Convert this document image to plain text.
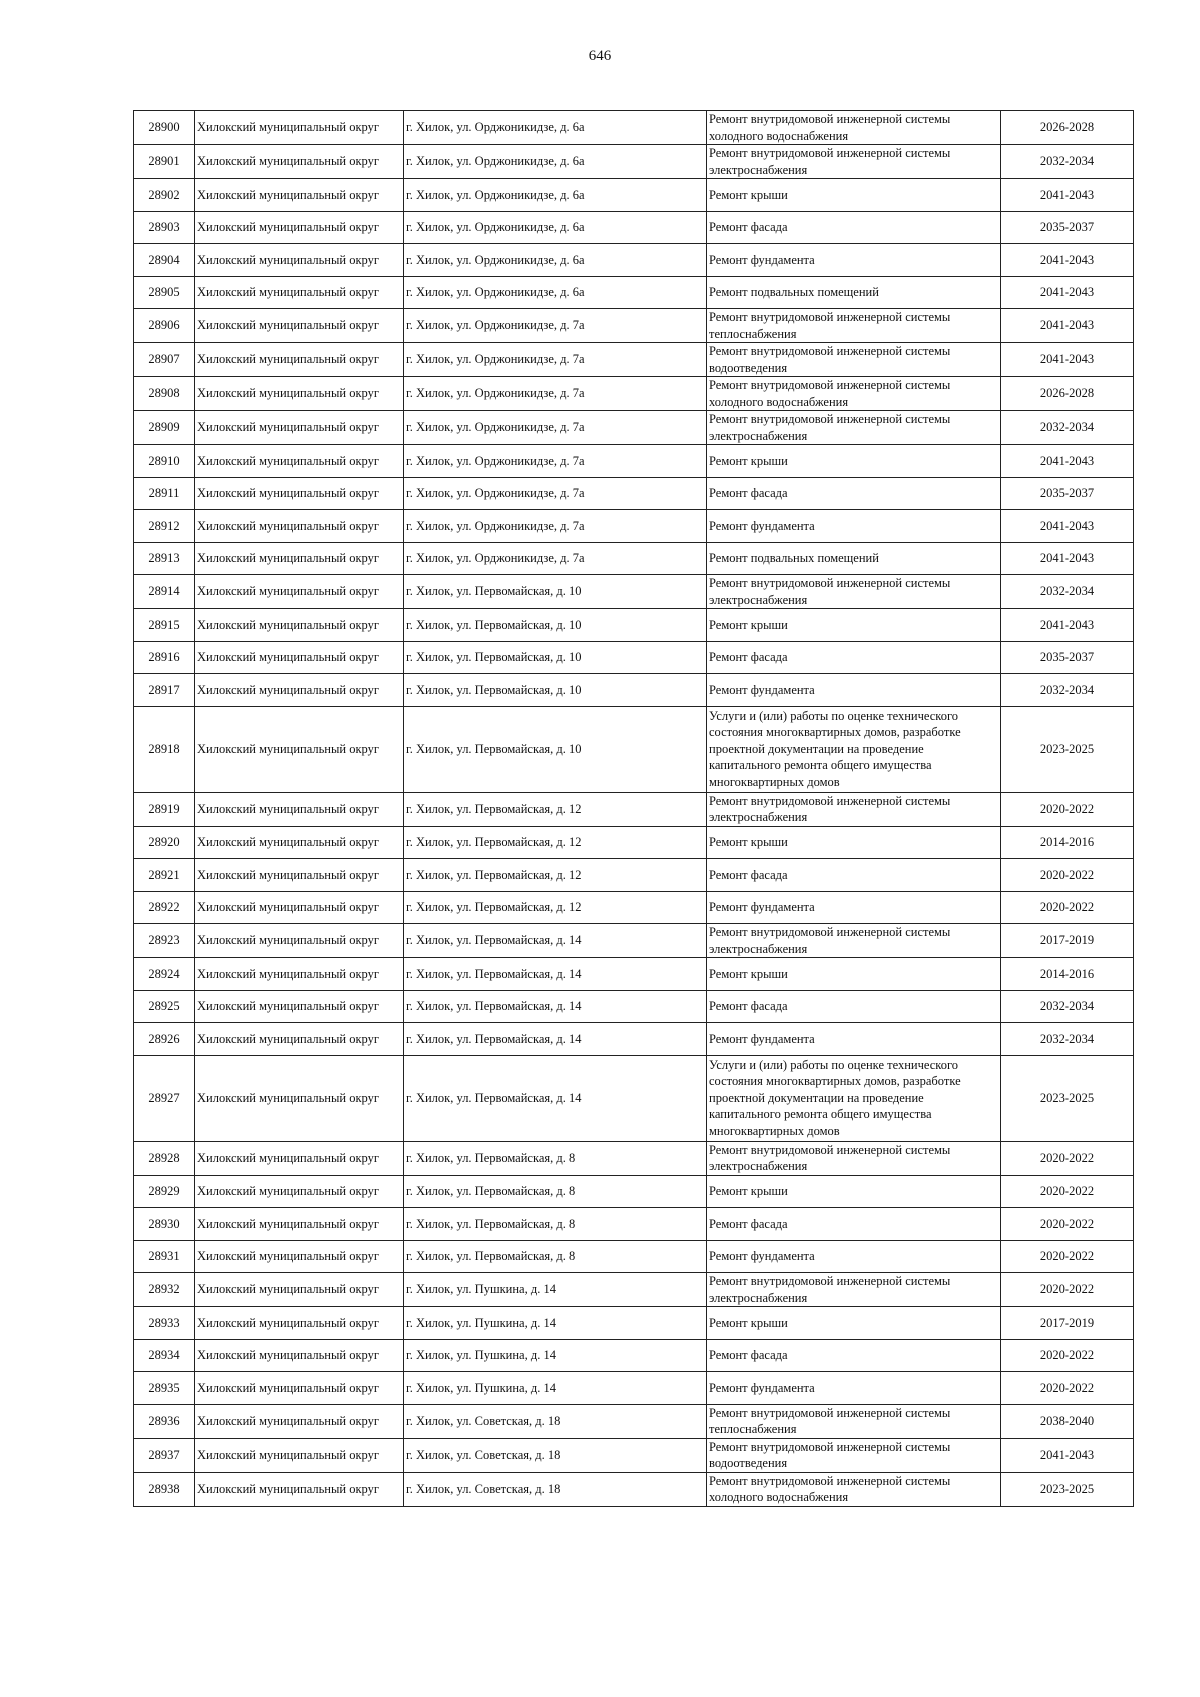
646
28900	Хилокский муниципальный округ	г. Хилок, ул. Орджоникидзе, д. 6а	Ремонт внутридомовой инженерной системы холодного водоснабжения	2026-2028
28901	Хилокский муниципальный округ	г. Хилок, ул. Орджоникидзе, д. 6а	Ремонт внутридомовой инженерной системы электроснабжения	2032-2034
28902	Хилокский муниципальный округ	г. Хилок, ул. Орджоникидзе, д. 6а	Ремонт крыши	2041-2043
28903	Хилокский муниципальный округ	г. Хилок, ул. Орджоникидзе, д. 6а	Ремонт фасада	2035-2037
28904	Хилокский муниципальный округ	г. Хилок, ул. Орджоникидзе, д. 6а	Ремонт фундамента	2041-2043
28905	Хилокский муниципальный округ	г. Хилок, ул. Орджоникидзе, д. 6а	Ремонт подвальных помещений	2041-2043
28906	Хилокский муниципальный округ	г. Хилок, ул. Орджоникидзе, д. 7а	Ремонт внутридомовой инженерной системы теплоснабжения	2041-2043
28907	Хилокский муниципальный округ	г. Хилок, ул. Орджоникидзе, д. 7а	Ремонт внутридомовой инженерной системы водоотведения	2041-2043
28908	Хилокский муниципальный округ	г. Хилок, ул. Орджоникидзе, д. 7а	Ремонт внутридомовой инженерной системы холодного водоснабжения	2026-2028
28909	Хилокский муниципальный округ	г. Хилок, ул. Орджоникидзе, д. 7а	Ремонт внутридомовой инженерной системы электроснабжения	2032-2034
28910	Хилокский муниципальный округ	г. Хилок, ул. Орджоникидзе, д. 7а	Ремонт крыши	2041-2043
28911	Хилокский муниципальный округ	г. Хилок, ул. Орджоникидзе, д. 7а	Ремонт фасада	2035-2037
28912	Хилокский муниципальный округ	г. Хилок, ул. Орджоникидзе, д. 7а	Ремонт фундамента	2041-2043
28913	Хилокский муниципальный округ	г. Хилок, ул. Орджоникидзе, д. 7а	Ремонт подвальных помещений	2041-2043
28914	Хилокский муниципальный округ	г. Хилок, ул. Первомайская, д. 10	Ремонт внутридомовой инженерной системы электроснабжения	2032-2034
28915	Хилокский муниципальный округ	г. Хилок, ул. Первомайская, д. 10	Ремонт крыши	2041-2043
28916	Хилокский муниципальный округ	г. Хилок, ул. Первомайская, д. 10	Ремонт фасада	2035-2037
28917	Хилокский муниципальный округ	г. Хилок, ул. Первомайская, д. 10	Ремонт фундамента	2032-2034
28918	Хилокский муниципальный округ	г. Хилок, ул. Первомайская, д. 10	Услуги и (или) работы по оценке технического состояния многоквартирных домов, разработке проектной документации на проведение капитального ремонта общего имущества многоквартирных домов	2023-2025
28919	Хилокский муниципальный округ	г. Хилок, ул. Первомайская, д. 12	Ремонт внутридомовой инженерной системы электроснабжения	2020-2022
28920	Хилокский муниципальный округ	г. Хилок, ул. Первомайская, д. 12	Ремонт крыши	2014-2016
28921	Хилокский муниципальный округ	г. Хилок, ул. Первомайская, д. 12	Ремонт фасада	2020-2022
28922	Хилокский муниципальный округ	г. Хилок, ул. Первомайская, д. 12	Ремонт фундамента	2020-2022
28923	Хилокский муниципальный округ	г. Хилок, ул. Первомайская, д. 14	Ремонт внутридомовой инженерной системы электроснабжения	2017-2019
28924	Хилокский муниципальный округ	г. Хилок, ул. Первомайская, д. 14	Ремонт крыши	2014-2016
28925	Хилокский муниципальный округ	г. Хилок, ул. Первомайская, д. 14	Ремонт фасада	2032-2034
28926	Хилокский муниципальный округ	г. Хилок, ул. Первомайская, д. 14	Ремонт фундамента	2032-2034
28927	Хилокский муниципальный округ	г. Хилок, ул. Первомайская, д. 14	Услуги и (или) работы по оценке технического состояния многоквартирных домов, разработке проектной документации на проведение капитального ремонта общего имущества многоквартирных домов	2023-2025
28928	Хилокский муниципальный округ	г. Хилок, ул. Первомайская, д. 8	Ремонт внутридомовой инженерной системы электроснабжения	2020-2022
28929	Хилокский муниципальный округ	г. Хилок, ул. Первомайская, д. 8	Ремонт крыши	2020-2022
28930	Хилокский муниципальный округ	г. Хилок, ул. Первомайская, д. 8	Ремонт фасада	2020-2022
28931	Хилокский муниципальный округ	г. Хилок, ул. Первомайская, д. 8	Ремонт фундамента	2020-2022
28932	Хилокский муниципальный округ	г. Хилок, ул. Пушкина, д. 14	Ремонт внутридомовой инженерной системы электроснабжения	2020-2022
28933	Хилокский муниципальный округ	г. Хилок, ул. Пушкина, д. 14	Ремонт крыши	2017-2019
28934	Хилокский муниципальный округ	г. Хилок, ул. Пушкина, д. 14	Ремонт фасада	2020-2022
28935	Хилокский муниципальный округ	г. Хилок, ул. Пушкина, д. 14	Ремонт фундамента	2020-2022
28936	Хилокский муниципальный округ	г. Хилок, ул. Советская, д. 18	Ремонт внутридомовой инженерной системы теплоснабжения	2038-2040
28937	Хилокский муниципальный округ	г. Хилок, ул. Советская, д. 18	Ремонт внутридомовой инженерной системы водоотведения	2041-2043
28938	Хилокский муниципальный округ	г. Хилок, ул. Советская, д. 18	Ремонт внутридомовой инженерной системы холодного водоснабжения	2023-2025
